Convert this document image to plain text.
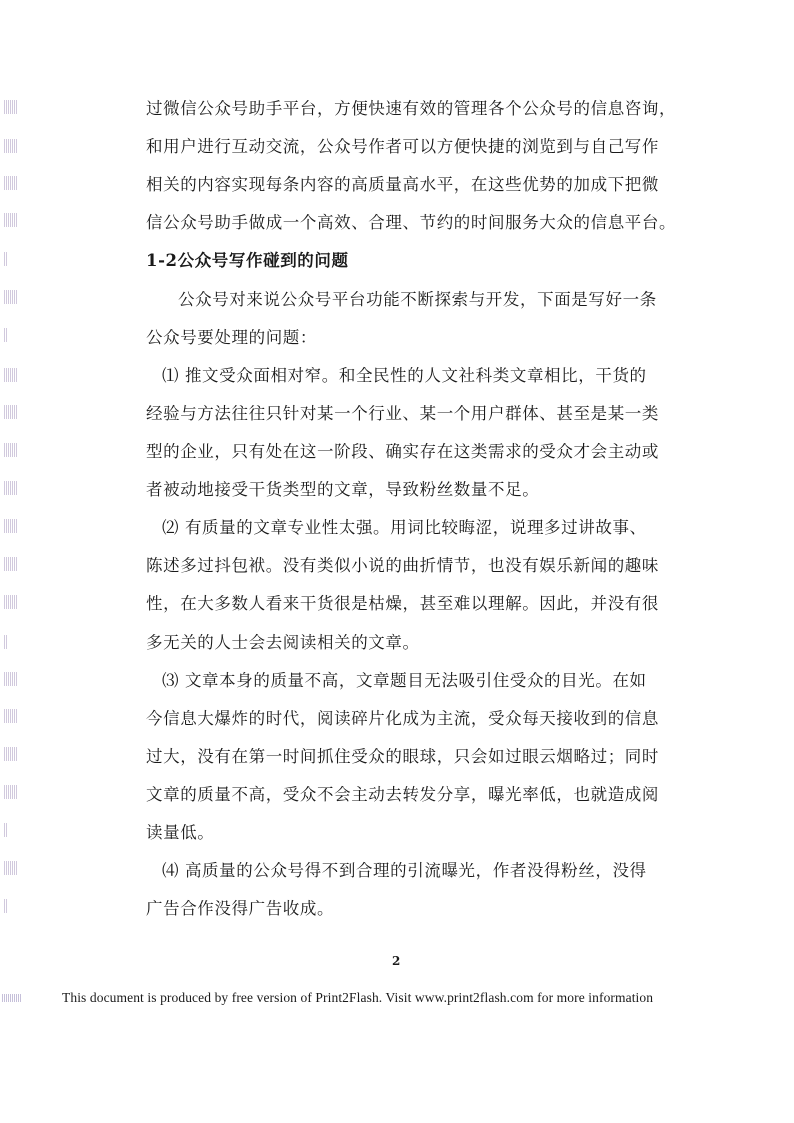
过微信公众号助手平台，方便快速有效的管理各个公众号的信息咨询，
和用户进行互动交流，公众号作者可以方便快捷的浏览到与自己写作
相关的内容实现每条内容的高质量高水平，在这些优势的加成下把微
信公众号助手做成一个高效、合理、节约的时间服务大众的信息平台。
1-2公众号写作碰到的问题
公众号对来说公众号平台功能不断探索与开发，下面是写好一条
公众号要处理的问题：
⑴ 推文受众面相对窄。和全民性的人文社科类文章相比，干货的
经验与方法往往只针对某一个行业、某一个用户群体、甚至是某一类
型的企业，只有处在这一阶段、确实存在这类需求的受众才会主动或
者被动地接受干货类型的文章，导致粉丝数量不足。
⑵ 有质量的文章专业性太强。用词比较晦涩，说理多过讲故事、
陈述多过抖包袱。没有类似小说的曲折情节，也没有娱乐新闻的趣味
性，在大多数人看来干货很是枯燥，甚至难以理解。因此，并没有很
多无关的人士会去阅读相关的文章。
⑶ 文章本身的质量不高，文章题目无法吸引住受众的目光。在如
今信息大爆炸的时代，阅读碎片化成为主流，受众每天接收到的信息
过大，没有在第一时间抓住受众的眼球，只会如过眼云烟略过；同时
文章的质量不高，受众不会主动去转发分享，曝光率低，也就造成阅
读量低。
⑷ 高质量的公众号得不到合理的引流曝光，作者没得粉丝，没得
广告合作没得广告收成。
2
This document is produced by free version of Print2Flash. Visit www.print2flash.com for more information
